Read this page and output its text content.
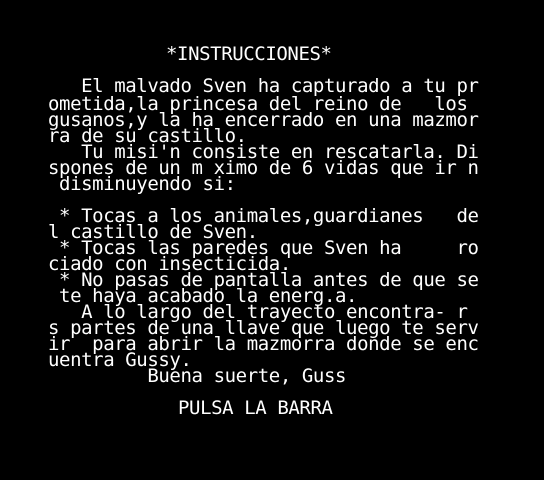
*INSTRUCCIONES*
El malvado Sven ha capturado a tu pr
ometida,la princesa del reino de   los
gusanos,y la ha encerrado en una mazmor
ra de su castillo.
Tu misi'n consiste en rescatarla. Di
spones de un m ximo de 6 vidas que ir n
disminuyendo si:
* Tocas a los animales,guardianes   de
l castillo de Sven.
* Tocas las paredes que Sven ha     ro
ciado con insecticida.
* No pasas de pantalla antes de que se
te haya acabado la energ.a.
A lo largo del trayecto encontra- r
s partes de una llave que luego te serv
ir  para abrir la mazmorra donde se enc
uentra Gussy.
Buena suerte, Guss
PULSA LA BARRA
